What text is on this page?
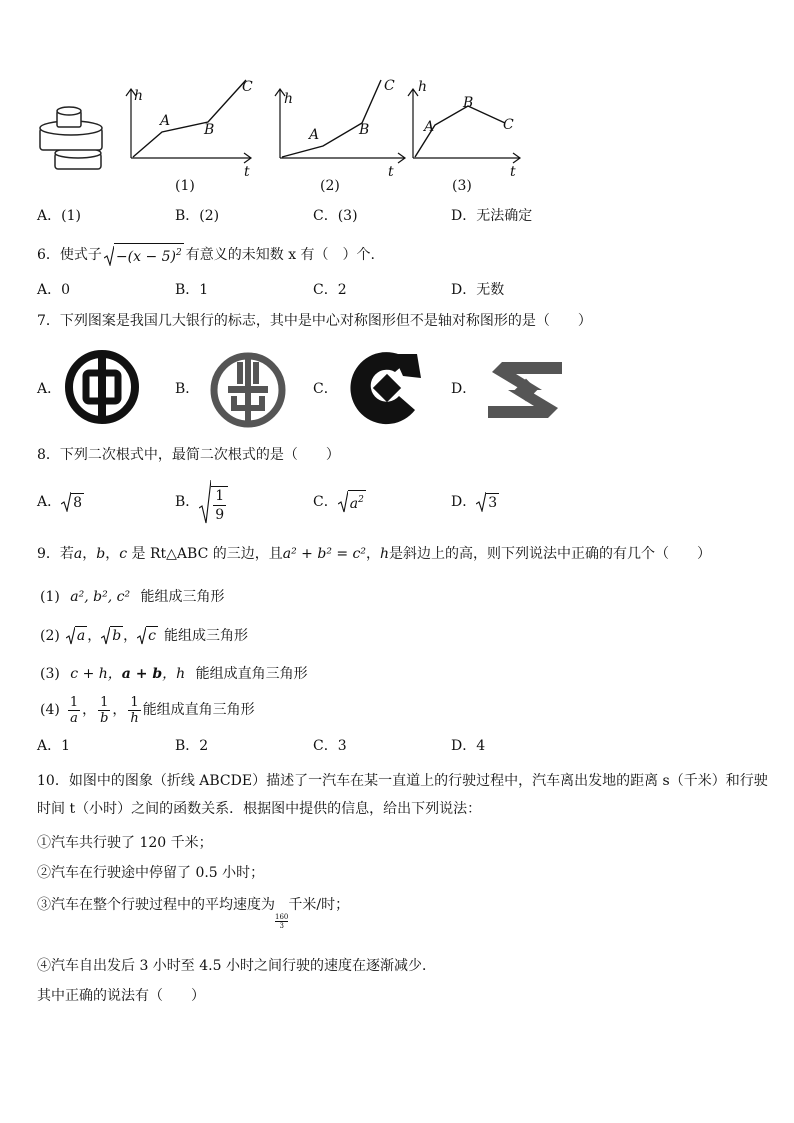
h
A
B
C
t
(1)
h
A	B
C
t
(2)
h
A
B
C
t
(3)
A．(1)	B．(2)	C．(3)	D．无法确定
6．使式子 $-(x - 5)^2$ 有意义的未知数 x 有（　）个.
A．0	B．1	C．2	D．无数
7．下列图案是我国几大银行的标志，其中是中心对称图形但不是轴对称图形的是（　　）
A．	B．	C．	D．
8．下列二次根式中，最简二次根式的是（　　）
A． 8	B． $\frac{1}{9}$	C． $a^2$	D． 3
9．若a，b，c 是 Rt△ABC 的三边，且a² + b² = c²，h是斜边上的高，则下列说法中正确的有几个（　　）
(1) a², b², c² 能组成三角形
(2) a ， b ， c 能组成三角形
(3) c + h，a + b，h 能组成直角三角形
$(4) \frac{1}{a}$ ， $\frac{1}{b}$ ， $\frac{1}{h}$ 能组成直角三角形
A．1	B．2	C．3	D．4
10．如图中的图象（折线 ABCDE）描述了一汽车在某一直道上的行驶过程中，汽车离出发地的距离 s（千米）和行驶
时间 t（小时）之间的函数关系．根据图中提供的信息，给出下列说法：
①汽车共行驶了 120 千米；
②汽车在行驶途中停留了 0.5 小时；
③汽车在整个行驶过程中的平均速度为
$\frac{160}{3}$
千米/时；
④汽车自出发后 3 小时至 4.5 小时之间行驶的速度在逐渐减少．
其中正确的说法有（　　）
